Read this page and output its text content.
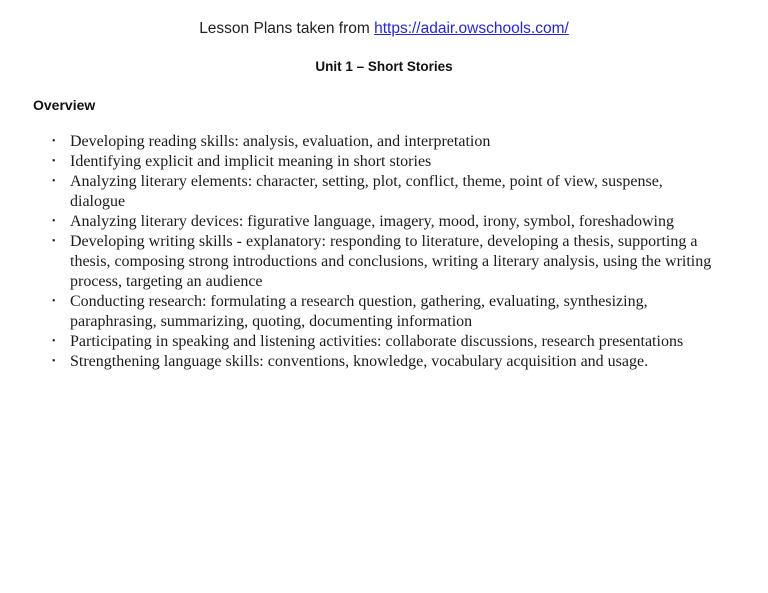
Lesson Plans taken from https://adair.owschools.com/
Unit 1 – Short Stories
Overview
• Developing reading skills: analysis, evaluation, and interpretation
• Identifying explicit and implicit meaning in short stories
• Analyzing literary elements: character, setting, plot, conflict, theme, point of view, suspense, dialogue
• Analyzing literary devices: figurative language, imagery, mood, irony, symbol, foreshadowing
• Developing writing skills - explanatory: responding to literature, developing a thesis, supporting a thesis, composing strong introductions and conclusions, writing a literary analysis, using the writing process, targeting an audience
• Conducting research: formulating a research question, gathering, evaluating, synthesizing, paraphrasing, summarizing, quoting, documenting information
• Participating in speaking and listening activities: collaborate discussions, research presentations
• Strengthening language skills: conventions, knowledge, vocabulary acquisition and usage.
